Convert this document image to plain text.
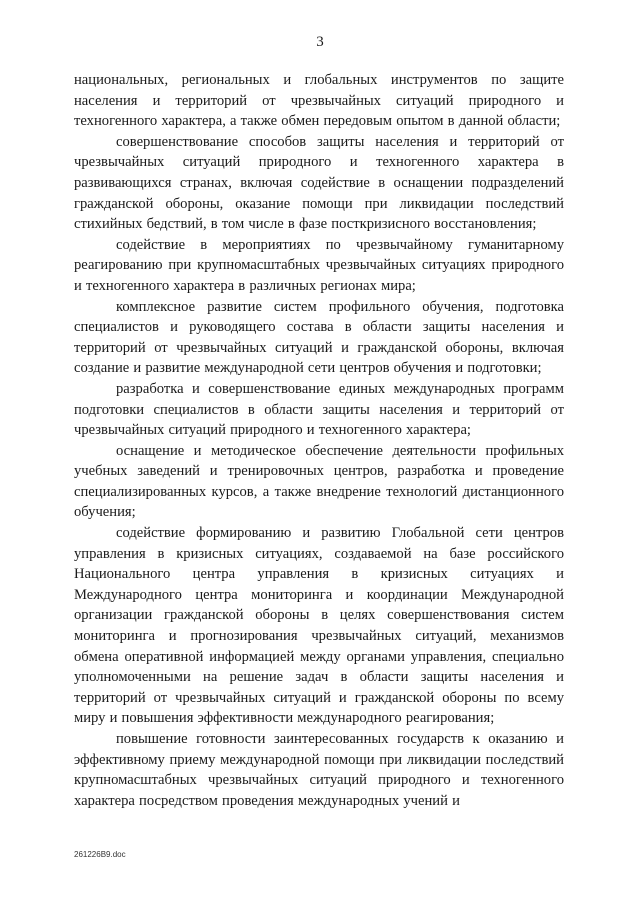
3

национальных, региональных и глобальных инструментов по защите населения и территорий от чрезвычайных ситуаций природного и техногенного характера, а также обмен передовым опытом в данной области;

совершенствование способов защиты населения и территорий от чрезвычайных ситуаций природного и техногенного характера в развивающихся странах, включая содействие в оснащении подразделений гражданской обороны, оказание помощи при ликвидации последствий стихийных бедствий, в том числе в фазе посткризисного восстановления;

содействие в мероприятиях по чрезвычайному гуманитарному реагированию при крупномасштабных чрезвычайных ситуациях природного и техногенного характера в различных регионах мира;

комплексное развитие систем профильного обучения, подготовка специалистов и руководящего состава в области защиты населения и территорий от чрезвычайных ситуаций и гражданской обороны, включая создание и развитие международной сети центров обучения и подготовки;

разработка и совершенствование единых международных программ подготовки специалистов в области защиты населения и территорий от чрезвычайных ситуаций природного и техногенного характера;

оснащение и методическое обеспечение деятельности профильных учебных заведений и тренировочных центров, разработка и проведение специализированных курсов, а также внедрение технологий дистанционного обучения;

содействие формированию и развитию Глобальной сети центров управления в кризисных ситуациях, создаваемой на базе российского Национального центра управления в кризисных ситуациях и Международного центра мониторинга и координации Международной организации гражданской обороны в целях совершенствования систем мониторинга и прогнозирования чрезвычайных ситуаций, механизмов обмена оперативной информацией между органами управления, специально уполномоченными на решение задач в области защиты населения и территорий от чрезвычайных ситуаций и гражданской обороны по всему миру и повышения эффективности международного реагирования;

повышение готовности заинтересованных государств к оказанию и эффективному приему международной помощи при ликвидации последствий крупномасштабных чрезвычайных ситуаций природного и техногенного характера посредством проведения международных учений и

261226В9.doc
